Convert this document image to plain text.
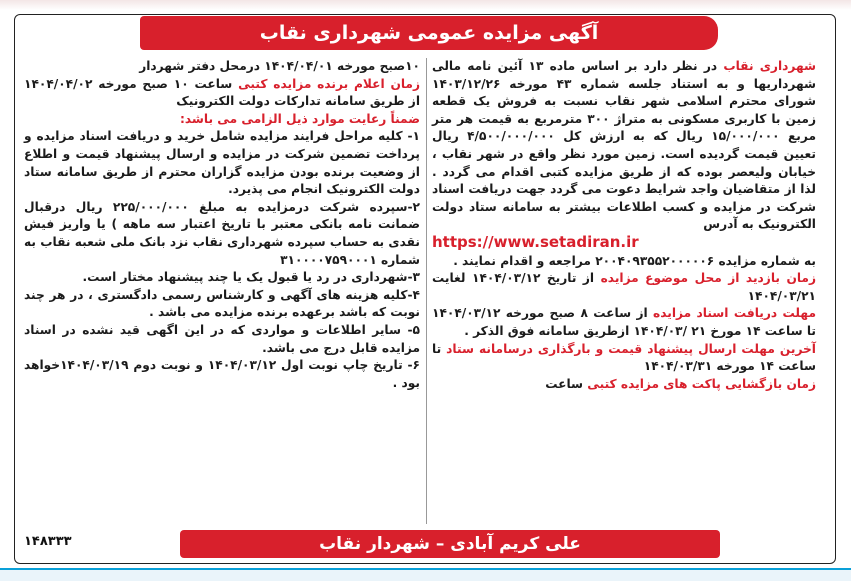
آگهی مزایده عمومی شهرداری نقاب

شهرداری نقاب در نظر دارد بر اساس ماده ۱۳ آئین نامه مالی شهرداریها و به استناد جلسه شماره ۴۳ مورخه ۱۴۰۳/۱۲/۲۶ شورای محترم اسلامی شهر نقاب نسبت به فروش یک قطعه زمین با کاربری مسکونی به متراژ ۳۰۰ مترمربع به قیمت هر متر مربع ۱۵/۰۰۰/۰۰۰ ریال که به ارزش کل ۴/۵۰۰/۰۰۰/۰۰۰ ریال تعیین قیمت گردیده است. زمین مورد نظر واقع در شهر نقاب ، خیابان ولیعصر بوده که از طریق مزایده کتبی اقدام می گردد . لذا از متقاضیان واجد شرایط دعوت می گردد جهت دریافت اسناد شرکت در مزایده و کسب اطلاعات بیشتر به سامانه ستاد دولت الکترونیک به آدرس

https://www.setadiran.ir

به شماره مزایده ۲۰۰۴۰۹۳۵۵۲۰۰۰۰۰۶ مراجعه و اقدام نمایند .

زمان بازدید از محل موضوع مزایده از تاریخ ۱۴۰۴/۰۳/۱۲ لغایت ۱۴۰۴/۰۳/۲۱

مهلت دریافت اسناد مزایده از ساعت ۸ صبح مورخه ۱۴۰۴/۰۳/۱۲ تا ساعت ۱۴ مورخ ۲۱ /۱۴۰۴/۰۳ ازطریق سامانه فوق الذکر .

آخرین مهلت ارسال پیشنهاد قیمت و بارگذاری درسامانه ستاد تا ساعت ۱۴ مورخه ۱۴۰۴/۰۳/۳۱

زمان بازگشایی پاکت های مزایده کتبی ساعت

۱۰صبح مورخه ۱۴۰۴/۰۴/۰۱ درمحل دفتر شهردار

زمان اعلام برنده مزایده کتبی ساعت ۱۰ صبح مورخه ۱۴۰۴/۰۴/۰۲ از طریق سامانه تدارکات دولت الکترونیک

ضمناً رعایت موارد ذیل الزامی می باشد:

۱- کلیه مراحل فرایند مزایده شامل خرید و دریافت اسناد مزایده و پرداخت تضمین شرکت در مزایده و ارسال پیشنهاد قیمت و اطلاع از وضعیت برنده بودن مزایده گزاران محترم از طریق سامانه ستاد دولت الکترونیک انجام می پذیرد.

۲-سپرده شرکت درمزایده به مبلغ ۲۲۵/۰۰۰/۰۰۰ ریال درقبال ضمانت نامه بانکی معتبر با تاریخ اعتبار سه ماهه ) یا واریز فیش نقدی به حساب سپرده شهرداری نقاب نزد بانک ملی شعبه نقاب به شماره ۳۱۰۰۰۰۷۵۹۰۰۰۱

۳-شهرداری در رد یا قبول یک یا چند پیشنهاد مختار است.

۴-کلیه هزینه های آگهی و کارشناس رسمی دادگستری ، در هر چند نوبت که باشد برعهده برنده مزایده می باشد .

۵- سایر اطلاعات و مواردی که در این اگهی قید نشده در اسناد مزایده قابل درج می باشد.

۶- تاریخ چاپ نوبت اول ۱۴۰۴/۰۳/۱۲ و نوبت دوم ۱۴۰۴/۰۳/۱۹خواهد بود .

۱۴۸۳۳۳	علی کریم آبادی – شهردار نقاب
